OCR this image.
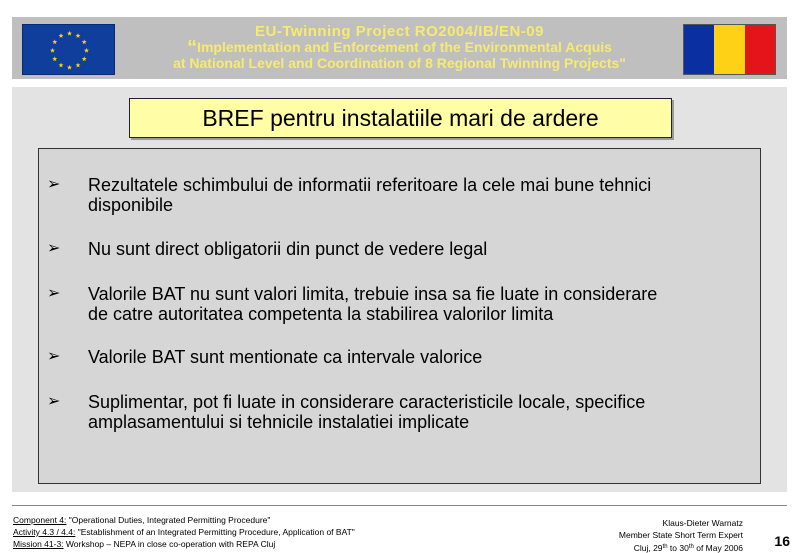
EU-Twinning Project RO2004/IB/EN-09
“Implementation and Enforcement of the Environmental Acquis
at National Level and Coordination of 8 Regional Twinning Projects"
BREF pentru instalatiile mari de ardere
➢ Rezultatele schimbului de informatii referitoare la cele mai bune tehnici
disponibile
➢ Nu sunt direct obligatorii din punct de vedere legal
➢ Valorile BAT nu sunt valori limita, trebuie insa sa fie luate in considerare
de catre autoritatea competenta la stabilirea valorilor limita
➢ Valorile BAT sunt mentionate ca intervale valorice
➢ Suplimentar, pot fi luate in considerare caracteristicile locale, specifice
amplasamentului si tehnicile instalatiei implicate
Component 4: "Operational Duties, Integrated Permitting Procedure"
Activity 4.3 / 4.4: "Establishment of an Integrated Permitting Procedure, Application of BAT"
Mission 41-3: Workshop – NEPA in close co-operation with REPA Cluj
Klaus-Dieter Warnatz
Member State Short Term Expert
Cluj, 29th to 30th of May 2006	16
